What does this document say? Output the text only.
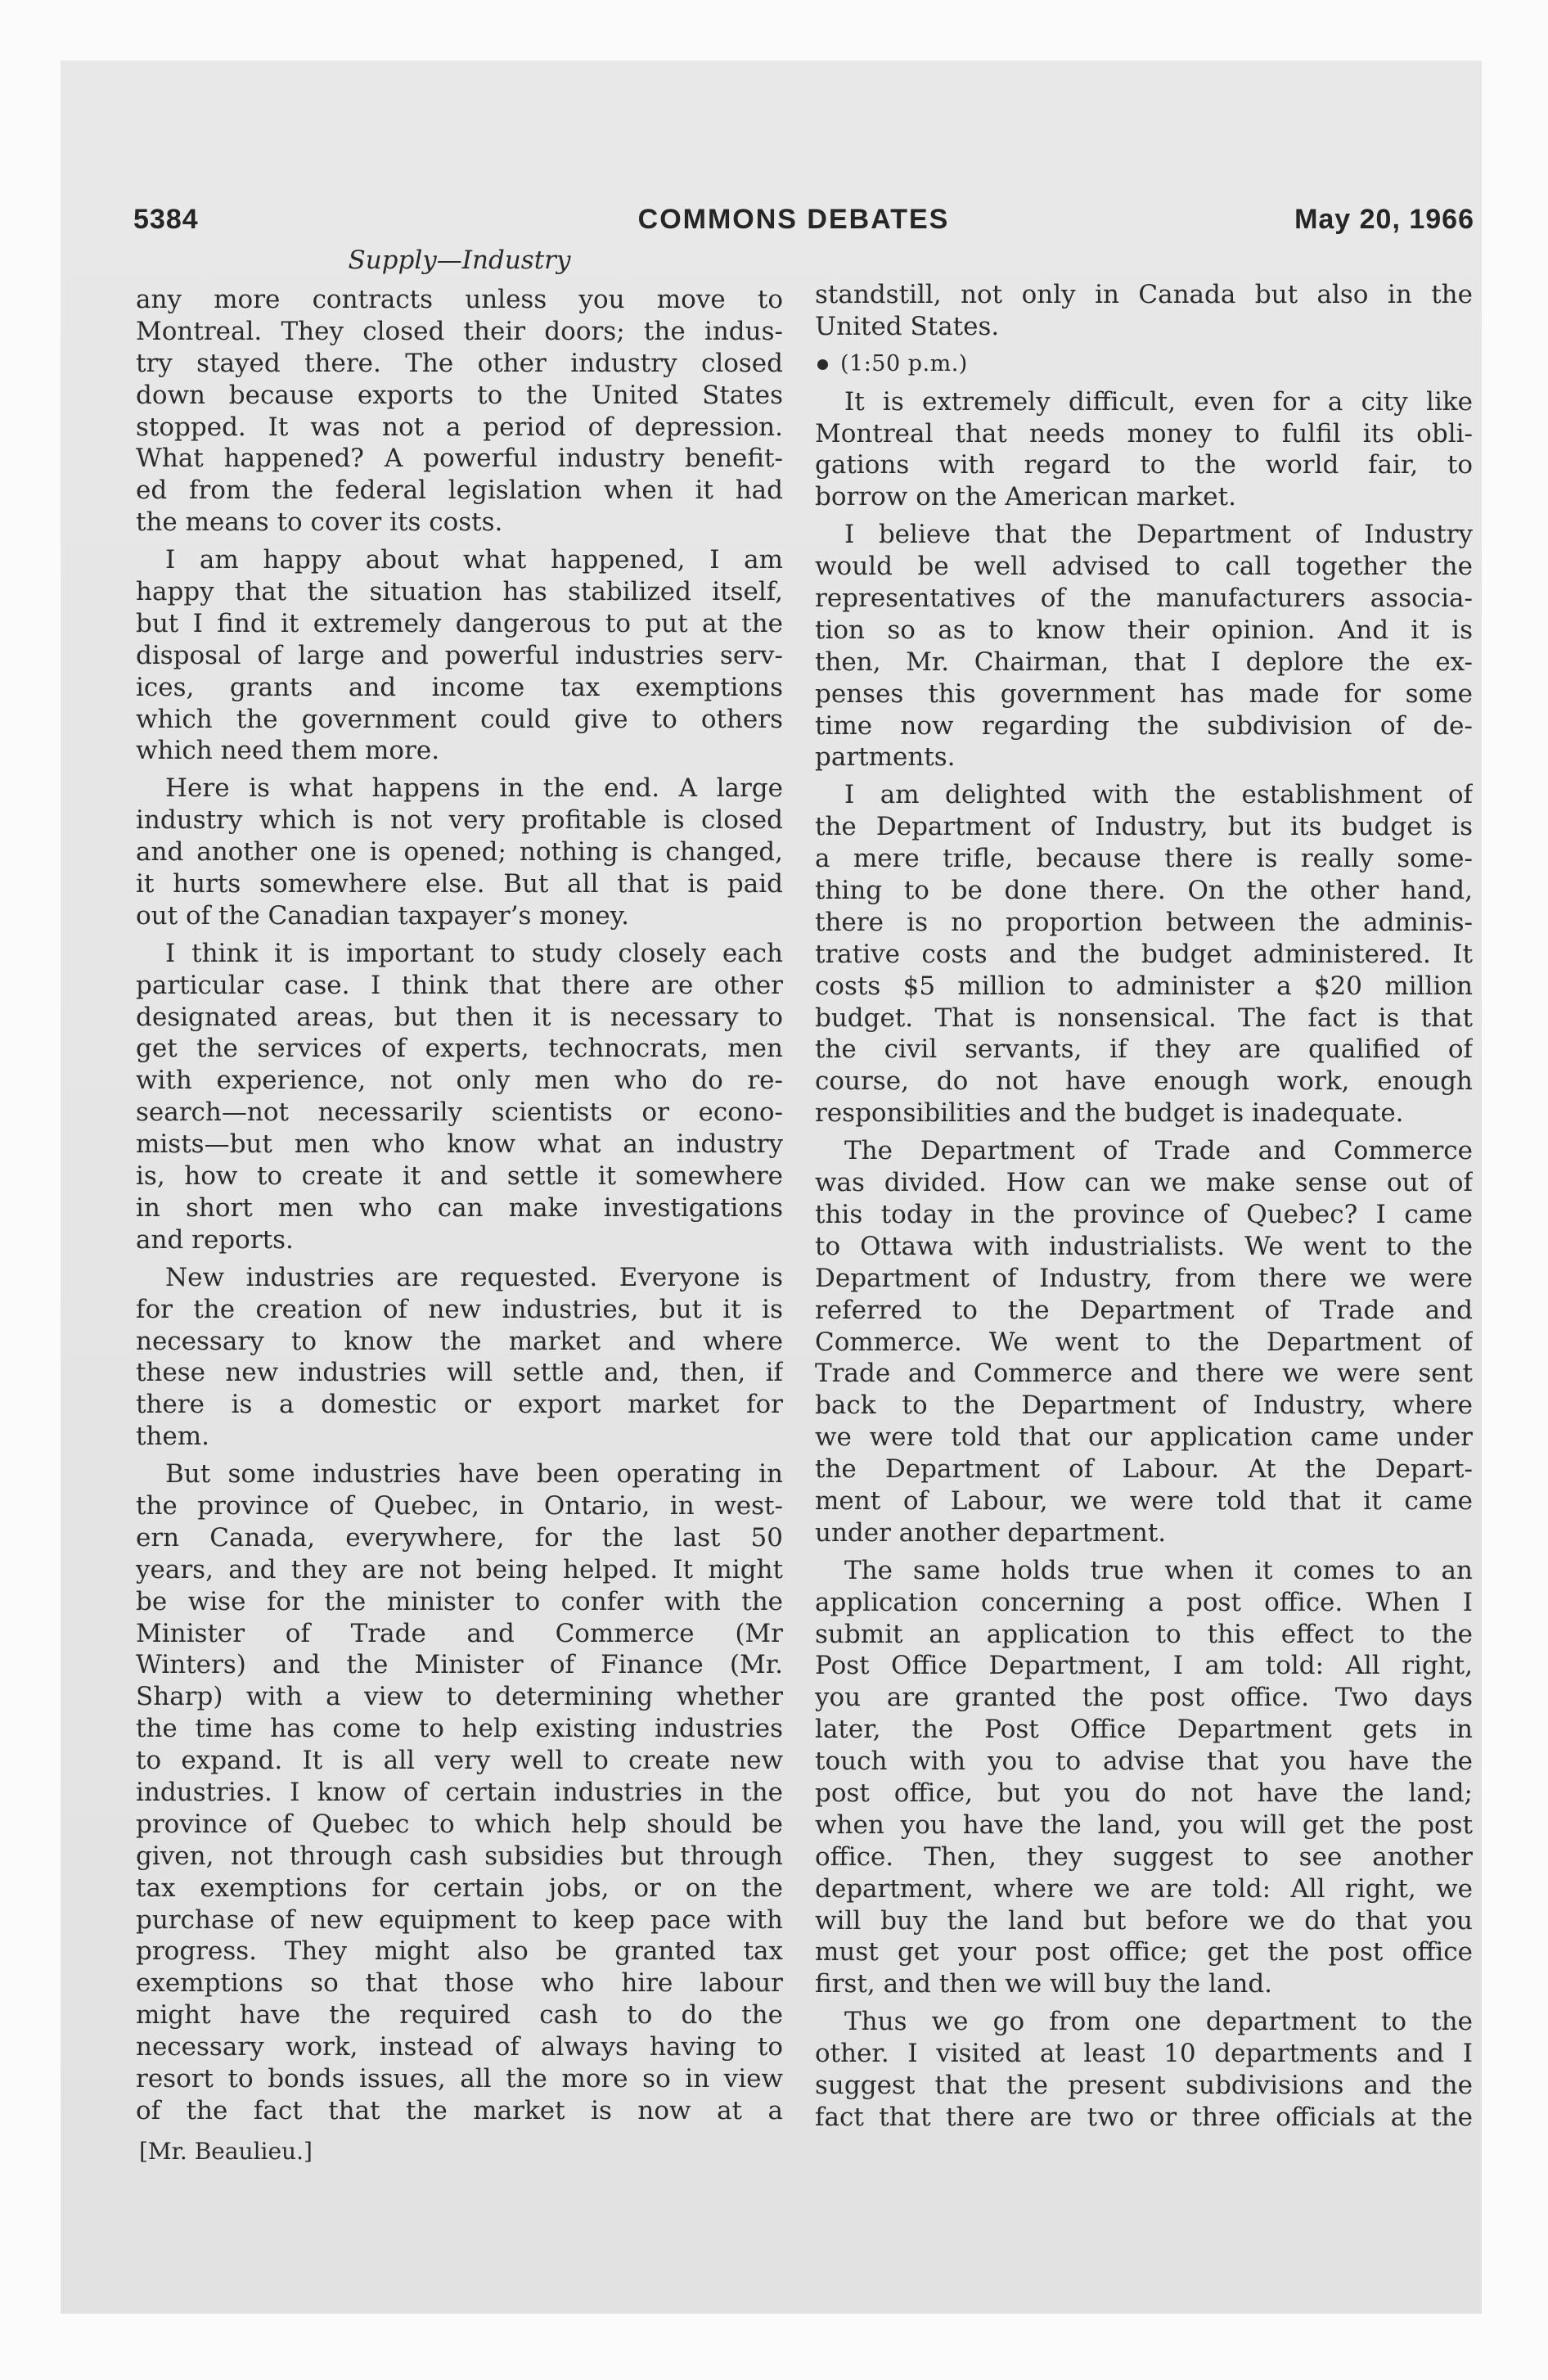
5384	COMMONS DEBATES	May 20, 1966
Supply—Industry
any more contracts unless you move to
Montreal. They closed their doors; the indus-
try stayed there. The other industry closed
down because exports to the United States
stopped. It was not a period of depression.
What happened? A powerful industry benefit-
ed from the federal legislation when it had
the means to cover its costs.
I am happy about what happened, I am
happy that the situation has stabilized itself,
but I find it extremely dangerous to put at the
disposal of large and powerful industries serv-
ices, grants and income tax exemptions
which the government could give to others
which need them more.
Here is what happens in the end. A large
industry which is not very profitable is closed
and another one is opened; nothing is changed,
it hurts somewhere else. But all that is paid
out of the Canadian taxpayer’s money.
I think it is important to study closely each
particular case. I think that there are other
designated areas, but then it is necessary to
get the services of experts, technocrats, men
with experience, not only men who do re-
search—not necessarily scientists or econo-
mists—but men who know what an industry
is, how to create it and settle it somewhere
in short men who can make investigations
and reports.
New industries are requested. Everyone is
for the creation of new industries, but it is
necessary to know the market and where
these new industries will settle and, then, if
there is a domestic or export market for
them.
But some industries have been operating in
the province of Quebec, in Ontario, in west-
ern Canada, everywhere, for the last 50
years, and they are not being helped. It might
be wise for the minister to confer with the
Minister of Trade and Commerce (Mr
Winters) and the Minister of Finance (Mr.
Sharp) with a view to determining whether
the time has come to help existing industries
to expand. It is all very well to create new
industries. I know of certain industries in the
province of Quebec to which help should be
given, not through cash subsidies but through
tax exemptions for certain jobs, or on the
purchase of new equipment to keep pace with
progress. They might also be granted tax
exemptions so that those who hire labour
might have the required cash to do the
necessary work, instead of always having to
resort to bonds issues, all the more so in view
of the fact that the market is now at a
standstill, not only in Canada but also in the
United States.
(1:50 p.m.)
It is extremely difficult, even for a city like
Montreal that needs money to fulfil its obli-
gations with regard to the world fair, to
borrow on the American market.
I believe that the Department of Industry
would be well advised to call together the
representatives of the manufacturers associa-
tion so as to know their opinion. And it is
then, Mr. Chairman, that I deplore the ex-
penses this government has made for some
time now regarding the subdivision of de-
partments.
I am delighted with the establishment of
the Department of Industry, but its budget is
a mere trifle, because there is really some-
thing to be done there. On the other hand,
there is no proportion between the adminis-
trative costs and the budget administered. It
costs $5 million to administer a $20 million
budget. That is nonsensical. The fact is that
the civil servants, if they are qualified of
course, do not have enough work, enough
responsibilities and the budget is inadequate.
The Department of Trade and Commerce
was divided. How can we make sense out of
this today in the province of Quebec? I came
to Ottawa with industrialists. We went to the
Department of Industry, from there we were
referred to the Department of Trade and
Commerce. We went to the Department of
Trade and Commerce and there we were sent
back to the Department of Industry, where
we were told that our application came under
the Department of Labour. At the Depart-
ment of Labour, we were told that it came
under another department.
The same holds true when it comes to an
application concerning a post office. When I
submit an application to this effect to the
Post Office Department, I am told: All right,
you are granted the post office. Two days
later, the Post Office Department gets in
touch with you to advise that you have the
post office, but you do not have the land;
when you have the land, you will get the post
office. Then, they suggest to see another
department, where we are told: All right, we
will buy the land but before we do that you
must get your post office; get the post office
first, and then we will buy the land.
Thus we go from one department to the
other. I visited at least 10 departments and I
suggest that the present subdivisions and the
fact that there are two or three officials at the
[Mr. Beaulieu.]
